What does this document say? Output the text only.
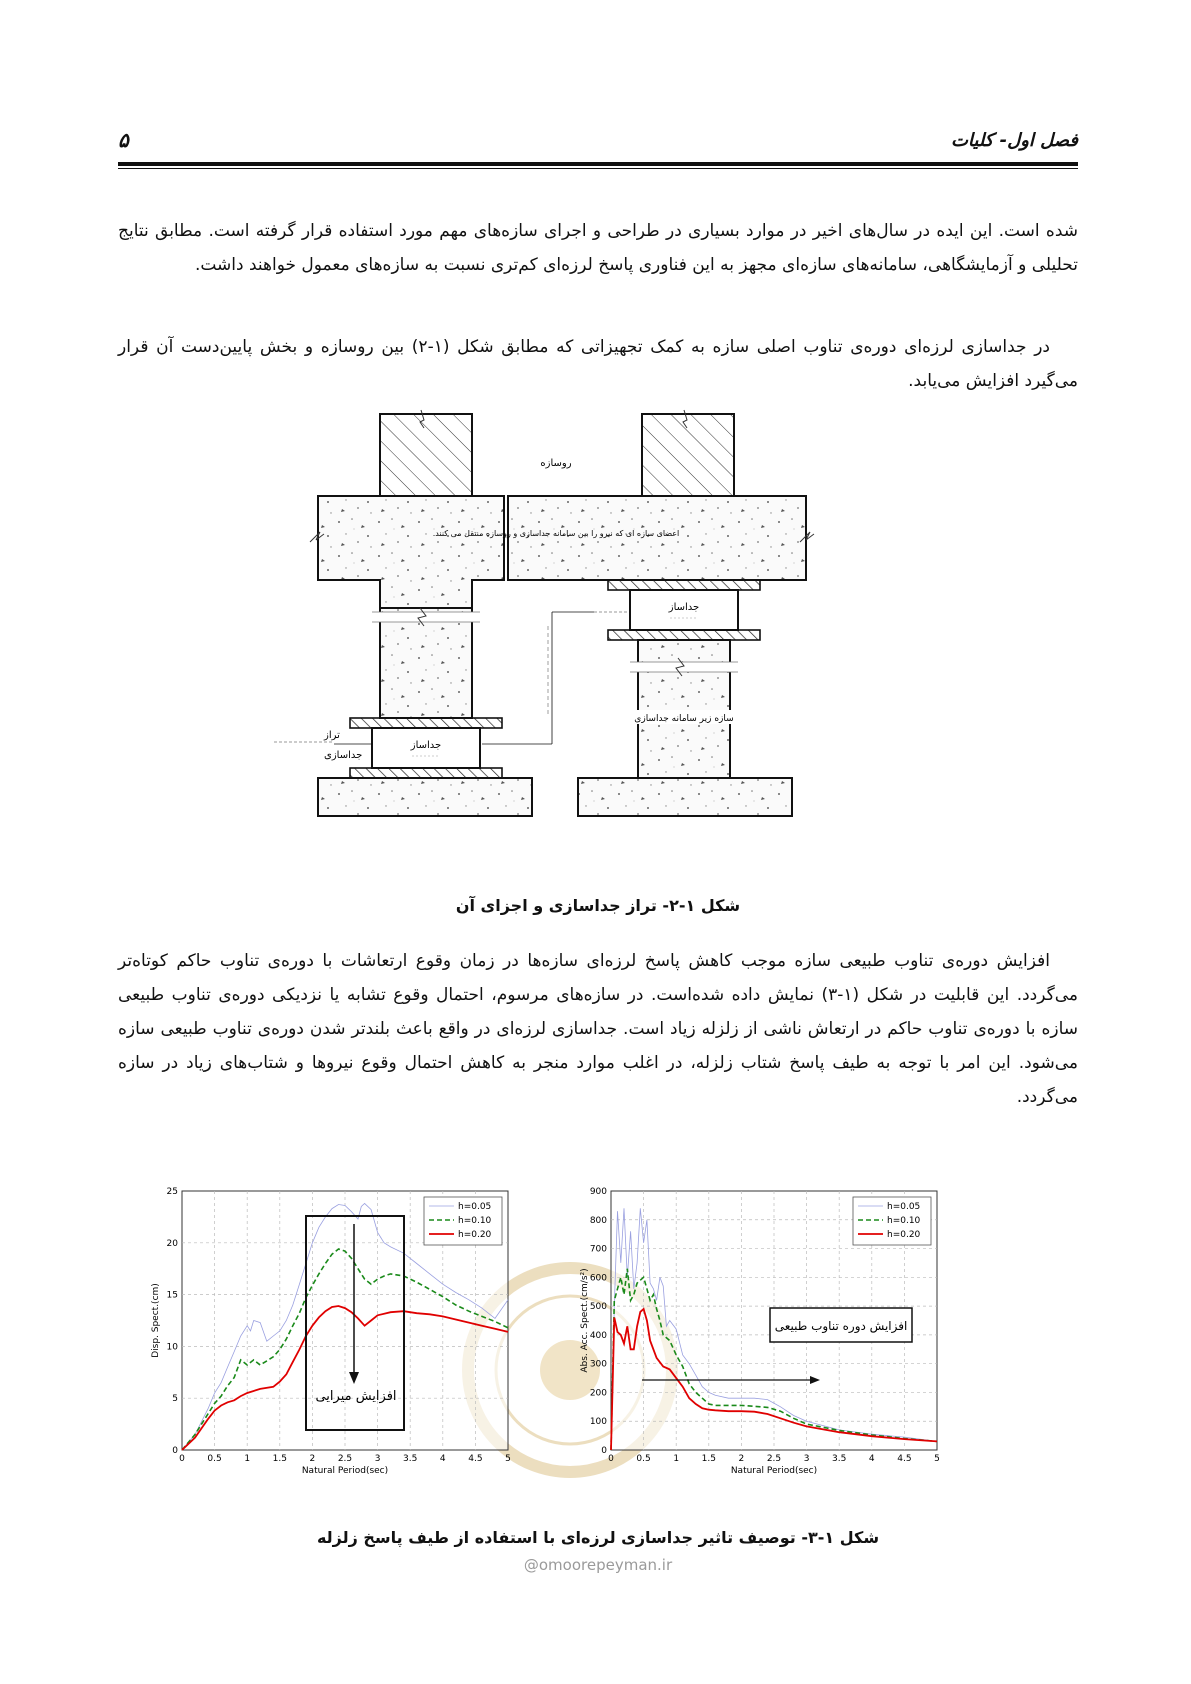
۵	فصل اول- کلیات

شده است. این ایده در سال‌های اخیر در موارد بسیاری در طراحی و اجرای سازه‌های مهم مورد استفاده قرار گرفته است. مطابق نتایج تحلیلی و آزمایشگاهی، سامانه‌های سازه‌ای مجهز به این فناوری پاسخ لرزه‌ای کم‌تری نسبت به سازه‌های معمول خواهند داشت.

در جداسازی لرزه‌ای دوره‌ی تناوب اصلی سازه به کمک تجهیزاتی که مطابق شکل (۱-۲) بین روسازه و بخش پایین‌دست آن قرار می‌گیرد افزایش می‌یابد.

روسازه
اعضای سازه ای که نیرو را بین سامانه جداسازی و روسازه منتقل می کنند.
جداساز
تراز
جداسازی
جداساز
سازه زیر سامانه جداسازی
شکل ۱-۲- تراز جداسازی و اجزای آن

افزایش دوره‌ی تناوب طبیعی سازه موجب کاهش پاسخ لرزه‌ای سازه‌ها در زمان وقوع ارتعاشات با دوره‌ی تناوب حاکم کوتاه‌تر می‌گردد. این قابلیت در شکل (۱-۳) نمایش داده شده‌است. در سازه‌های مرسوم، احتمال وقوع تشابه یا نزدیکی دوره‌ی تناوب طبیعی سازه با دوره‌ی تناوب حاکم در ارتعاش ناشی از زلزله زیاد است. جداسازی لرزه‌ای در واقع باعث بلندتر شدن دوره‌ی تناوب طبیعی سازه می‌شود. این امر با توجه به طیف پاسخ شتاب زلزله، در اغلب موارد منجر به کاهش احتمال وقوع نیروها و شتاب‌های زیاد در سازه می‌گردد.

0	0.5	1	1.5	2	2.5	3	3.5	4	4.5	5
0
5
10
15
20
25
Natural Period(sec)
Disp. Spect.(cm)
h=0.05
h=0.10
h=0.20
0	0.5	1	1.5	2	2.5	3	3.5	4	4.5	5
0
100
200
300
400
500
600
700
800
900
Natural Period(sec)
Abs. Acc. Spect.(cm/s²)
h=0.05
h=0.10
h=0.20
افزایش میرایی
افزایش دوره تناوب طبیعی
شکل ۱-۳- توصیف تاثیر جداسازی لرزه‌ای با استفاده از طیف پاسخ زلزله
@omoorepeyman.ir
